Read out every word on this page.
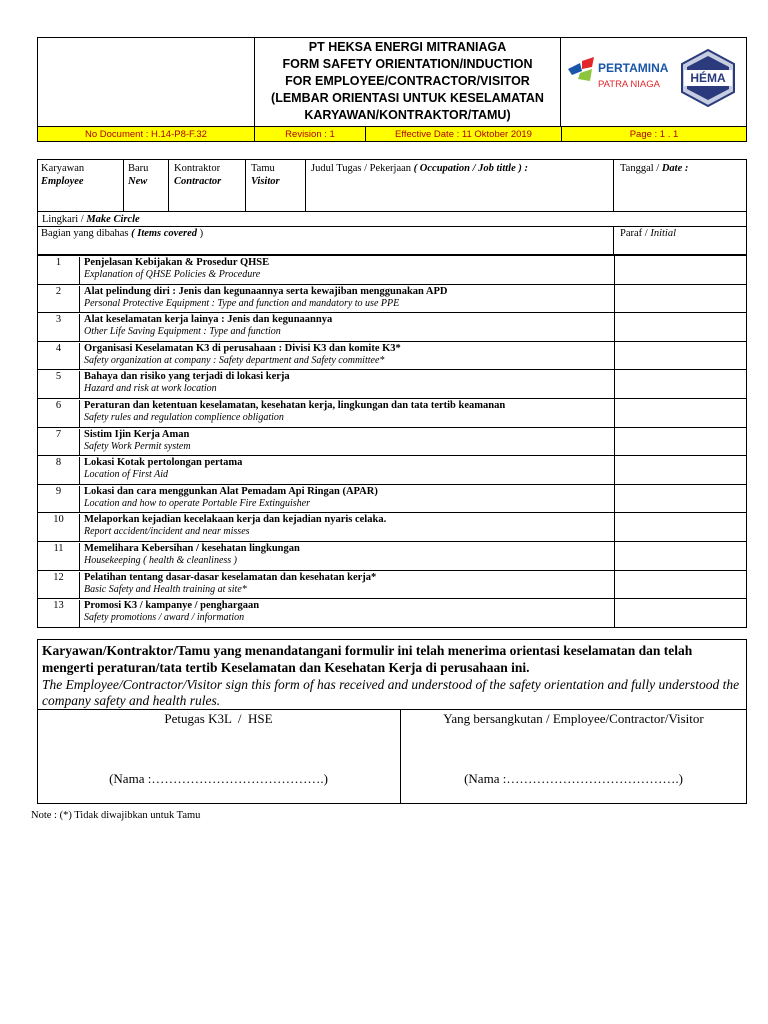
PT HEKSA ENERGI MITRANIAGA
FORM SAFETY ORIENTATION/INDUCTION
FOR EMPLOYEE/CONTRACTOR/VISITOR
(LEMBAR ORIENTASI UNTUK KESELAMATAN
KARYAWAN/KONTRAKTOR/TAMU)
PERTAMINA
PATRA NIAGA	HÉMA
No Document : H.14-P8-F.32	Revision : 1	Effective Date : 11 Oktober 2019	Page : 1 . 1
Karyawan
Employee
Baru
New
Kontraktor
Contractor
Tamu
Visitor
Judul Tugas / Pekerjaan ( Occupation / Job tittle ) :	Tanggal / Date :
Lingkari / Make Circle
Bagian yang dibahas ( Items covered )	Paraf / Initial
1	Penjelasan Kebijakan & Prosedur QHSE
Explanation of QHSE Policies & Procedure
2	Alat pelindung diri : Jenis dan kegunaannya serta kewajiban menggunakan APD
Personal Protective Equipment : Type and function and mandatory to use PPE
3	Alat keselamatan kerja lainya : Jenis dan kegunaannya
Other Life Saving Equipment : Type and function
4	Organisasi Keselamatan K3 di perusahaan : Divisi K3 dan komite K3*
Safety organization at company : Safety department and Safety committee*
5	Bahaya dan risiko yang terjadi di lokasi kerja
Hazard and risk at work location
6	Peraturan dan ketentuan keselamatan, kesehatan kerja, lingkungan dan tata tertib keamanan
Safety rules and regulation complience obligation
7	Sistim Ijin Kerja Aman
Safety Work Permit system
8	Lokasi Kotak pertolongan pertama
Location of First Aid
9	Lokasi dan cara menggunkan Alat Pemadam Api Ringan (APAR)
Location and how to operate Portable Fire Extinguisher
10	Melaporkan kejadian kecelakaan kerja dan kejadian nyaris celaka.
Report accident/incident and near misses
11	Memelihara Kebersihan / kesehatan lingkungan
Housekeeping ( health & cleanliness )
12	Pelatihan tentang dasar-dasar keselamatan dan kesehatan kerja*
Basic Safety and Health training at site*
13	Promosi K3 / kampanye / penghargaan
Safety promotions / award / information
Karyawan/Kontraktor/Tamu yang menandatangani formulir ini telah menerima orientasi keselamatan dan telah mengerti peraturan/tata tertib Keselamatan dan Kesehatan Kerja di perusahaan ini.
The Employee/Contractor/Visitor sign this form of has received and understood of the safety orientation and fully understood the company safety and health rules.
Petugas K3L  /  HSE	Yang bersangkutan / Employee/Contractor/Visitor
(Nama :………………………………….)	(Nama :………………………………….)
Note : (*) Tidak diwajibkan untuk Tamu
